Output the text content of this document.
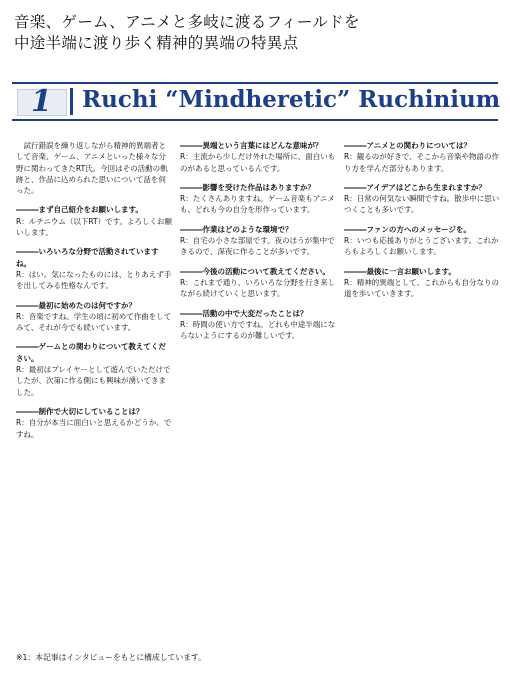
音楽、ゲーム、アニメと多岐に渡るフィールドを
中途半端に渡り歩く精神的異端の特異点
1 Ruchi “Mindheretic” Ruchinium

試行錯誤を繰り返しながら精神的異端者として音楽、ゲーム、アニメといった様々な分野に関わってきたRT氏。今回はその活動の軌跡と、作品に込められた思いについて話を伺った。

―――まず自己紹介をお願いします。

R：ルチニウム（以下RT）です。よろしくお願いします。

―――いろいろな分野で活動されていますね。

R：はい。気になったものには、とりあえず手を出してみる性格なんです。

―――最初に始めたのは何ですか？

R：音楽ですね。学生の頃に初めて作曲をしてみて、それが今でも続いています。

―――ゲームとの関わりについて教えてください。

R：最初はプレイヤーとして遊んでいただけでしたが、次第に作る側にも興味が湧いてきました。

―――制作で大切にしていることは？

R：自分が本当に面白いと思えるかどうか、ですね。

―――異端という言葉にはどんな意味が？

R：主流から少しだけ外れた場所に、面白いものがあると思っているんです。

―――影響を受けた作品はありますか？

R：たくさんありますね。ゲーム音楽もアニメも、どれも今の自分を形作っています。

―――作業はどのような環境で？

R：自宅の小さな部屋です。夜のほうが集中できるので、深夜に作ることが多いです。

―――今後の活動について教えてください。

R：これまで通り、いろいろな分野を行き来しながら続けていくと思います。

―――活動の中で大変だったことは？

R：時間の使い方ですね。どれも中途半端にならないようにするのが難しいです。

―――アニメとの関わりについては？

R：観るのが好きで、そこから音楽や物語の作り方を学んだ部分もあります。

―――アイデアはどこから生まれますか？

R：日常の何気ない瞬間ですね。散歩中に思いつくことも多いです。

―――ファンの方へのメッセージを。

R：いつも応援ありがとうございます。これからもよろしくお願いします。

―――最後に一言お願いします。

R：精神的異端として、これからも自分なりの道を歩いていきます。

※1：本記事はインタビューをもとに構成しています。
